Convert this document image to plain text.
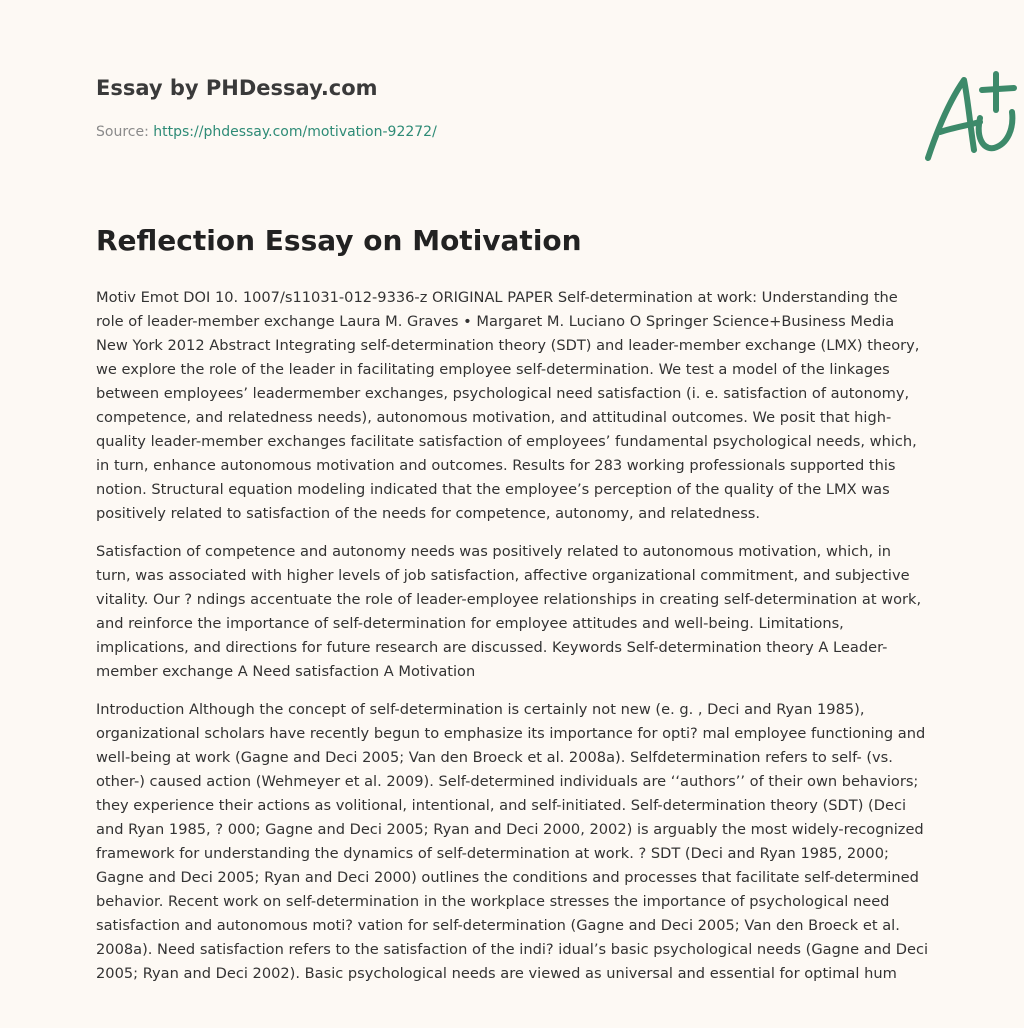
Essay by PHDessay.com
Source: https://phdessay.com/motivation-92272/
Reflection Essay on Motivation

Motiv Emot DOI 10. 1007/s11031-012-9336-z ORIGINAL PAPER Self-determination at work: Understanding the role of leader-member exchange Laura M. Graves • Margaret M. Luciano O Springer Science+Business Media New York 2012 Abstract Integrating self-determination theory (SDT) and leader-member exchange (LMX) theory, we explore the role of the leader in facilitating employee self-determination. We test a model of the linkages between employees’ leadermember exchanges, psychological need satisfaction (i. e. satisfaction of autonomy, competence, and relatedness needs), autonomous motivation, and attitudinal outcomes. We posit that high-quality leader-member exchanges facilitate satisfaction of employees’ fundamental psychological needs, which, in turn, enhance autonomous motivation and outcomes. Results for 283 working professionals supported this notion. Structural equation modeling indicated that the employee’s perception of the quality of the LMX was positively related to satisfaction of the needs for competence, autonomy, and relatedness.

Satisfaction of competence and autonomy needs was positively related to autonomous motivation, which, in turn, was associated with higher levels of job satisfaction, affective organizational commitment, and subjective vitality. Our ? ndings accentuate the role of leader-employee relationships in creating self-determination at work, and reinforce the importance of self-determination for employee attitudes and well-being. Limitations, implications, and directions for future research are discussed. Keywords Self-determination theory A Leader-member exchange A Need satisfaction A Motivation

Introduction Although the concept of self-determination is certainly not new (e. g. , Deci and Ryan 1985), organizational scholars have recently begun to emphasize its importance for opti? mal employee functioning and well-being at work (Gagne and Deci 2005; Van den Broeck et al. 2008a). Selfdetermination refers to self- (vs. other-) caused action (Wehmeyer et al. 2009). Self-determined individuals are ‘‘authors’’ of their own behaviors; they experience their actions as volitional, intentional, and self-initiated. Self-determination theory (SDT) (Deci and Ryan 1985, ? 000; Gagne and Deci 2005; Ryan and Deci 2000, 2002) is arguably the most widely-recognized framework for understanding the dynamics of self-determination at work. ? SDT (Deci and Ryan 1985, 2000; Gagne and Deci 2005; Ryan and Deci 2000) outlines the conditions and processes that facilitate self-determined behavior. Recent work on self-determination in the workplace stresses the importance of psychological need satisfaction and autonomous moti? vation for self-determination (Gagne and Deci 2005; Van den Broeck et al. 2008a). Need satisfaction refers to the satisfaction of the indi? idual’s basic psychological needs (Gagne and Deci 2005; Ryan and Deci 2002). Basic psychological needs are viewed as universal and essential for optimal hum
